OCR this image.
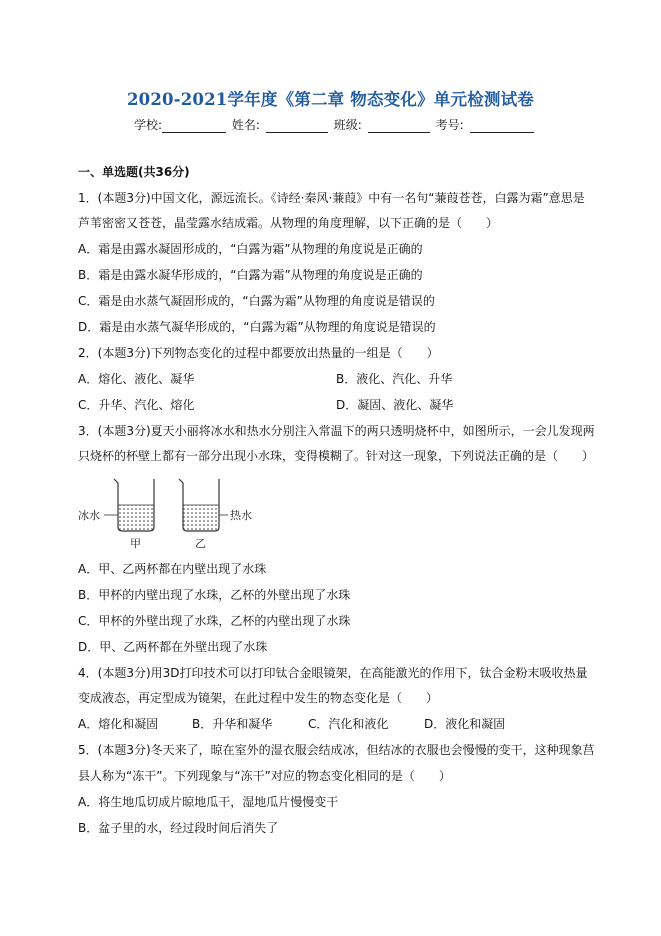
2020-2021学年度《第二章 物态变化》单元检测试卷
学校:	姓名:	班级:	考号:
一、单选题(共36分)
1．(本题3分)中国文化，源远流长。《诗经·秦风·蒹葭》中有一名句“蒹葭苍苍，白露为霜”意思是
芦苇密密又苍苍，晶莹露水结成霜。从物理的角度理解，以下正确的是（　　）
A．霜是由露水凝固形成的，“白露为霜”从物理的角度说是正确的
B．霜是由露水凝华形成的，“白露为霜”从物理的角度说是正确的
C．霜是由水蒸气凝固形成的，“白露为霜”从物理的角度说是错误的
D．霜是由水蒸气凝华形成的，“白露为霜”从物理的角度说是错误的
2．(本题3分)下列物态变化的过程中都要放出热量的一组是（　　）
A．熔化、液化、凝华	B．液化、汽化、升华
C．升华、汽化、熔化	D．凝固、液化、凝华
3．(本题3分)夏天小丽将冰水和热水分别注入常温下的两只透明烧杯中，如图所示，一会儿发现两
只烧杯的杯壁上都有一部分出现小水珠，变得模糊了。针对这一现象，下列说法正确的是（　　）
冰水	热水
甲	乙
A．甲、乙两杯都在内壁出现了水珠
B．甲杯的内壁出现了水珠，乙杯的外壁出现了水珠
C．甲杯的外壁出现了水珠，乙杯的内壁出现了水珠
D．甲、乙两杯都在外壁出现了水珠
4．(本题3分)用3D打印技术可以打印钛合金眼镜架，在高能激光的作用下，钛合金粉末吸收热量
变成液态，再定型成为镜架，在此过程中发生的物态变化是（　　）
A．熔化和凝固	B．升华和凝华	C．汽化和液化	D．液化和凝固
5．(本题3分)冬天来了，晾在室外的湿衣服会结成冰，但结冰的衣服也会慢慢的变干，这种现象莒
县人称为“冻干”。下列现象与“冻干”对应的物态变化相同的是（　　）
A．将生地瓜切成片晾地瓜干，湿地瓜片慢慢变干
B．盆子里的水，经过段时间后消失了
